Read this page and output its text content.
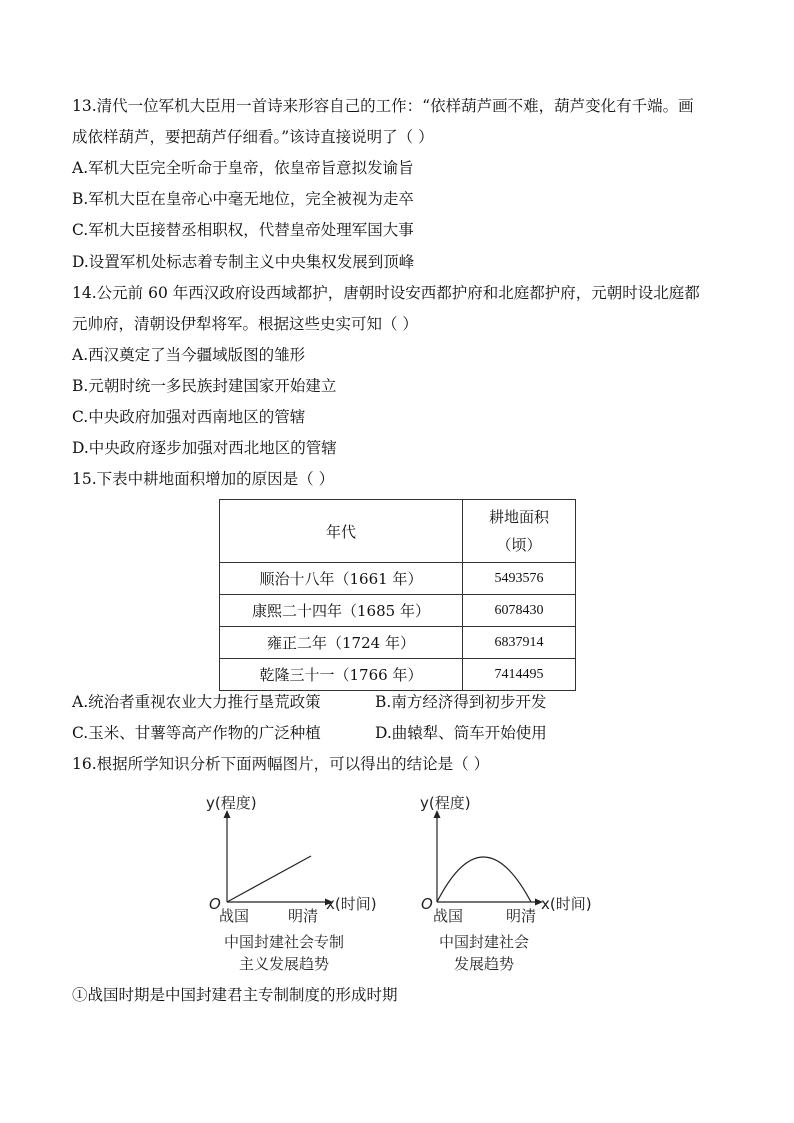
13.清代一位军机大臣用一首诗来形容自己的工作：“依样葫芦画不难，葫芦变化有千端。画
成依样葫芦，要把葫芦仔细看。”该诗直接说明了（ ）
A.军机大臣完全听命于皇帝，依皇帝旨意拟发谕旨
B.军机大臣在皇帝心中毫无地位，完全被视为走卒
C.军机大臣接替丞相职权，代替皇帝处理军国大事
D.设置军机处标志着专制主义中央集权发展到顶峰
14.公元前 60 年西汉政府设西域都护，唐朝时设安西都护府和北庭都护府，元朝时设北庭都
元帅府，清朝设伊犁将军。根据这些史实可知（ ）
A.西汉奠定了当今疆域版图的雏形
B.元朝时统一多民族封建国家开始建立
C.中央政府加强对西南地区的管辖
D.中央政府逐步加强对西北地区的管辖
15.下表中耕地面积增加的原因是（ ）
年代	耕地面积
（顷）

顺治十八年（1661 年）	5493576
康熙二十四年（1685 年）	6078430
雍正二年（1724 年）	6837914
乾隆三十一（1766 年）	7414495
A.统治者重视农业大力推行垦荒政策	B.南方经济得到初步开发
C.玉米、甘薯等高产作物的广泛种植	D.曲辕犁、筒车开始使用
16.根据所学知识分析下面两幅图片，可以得出的结论是（ ）
y(程度)
x(时间)
O
战国	明清
中国封建社会专制
主义发展趋势
y(程度)
x(时间)
O
战国	明清
中国封建社会
发展趋势
①战国时期是中国封建君主专制制度的形成时期
